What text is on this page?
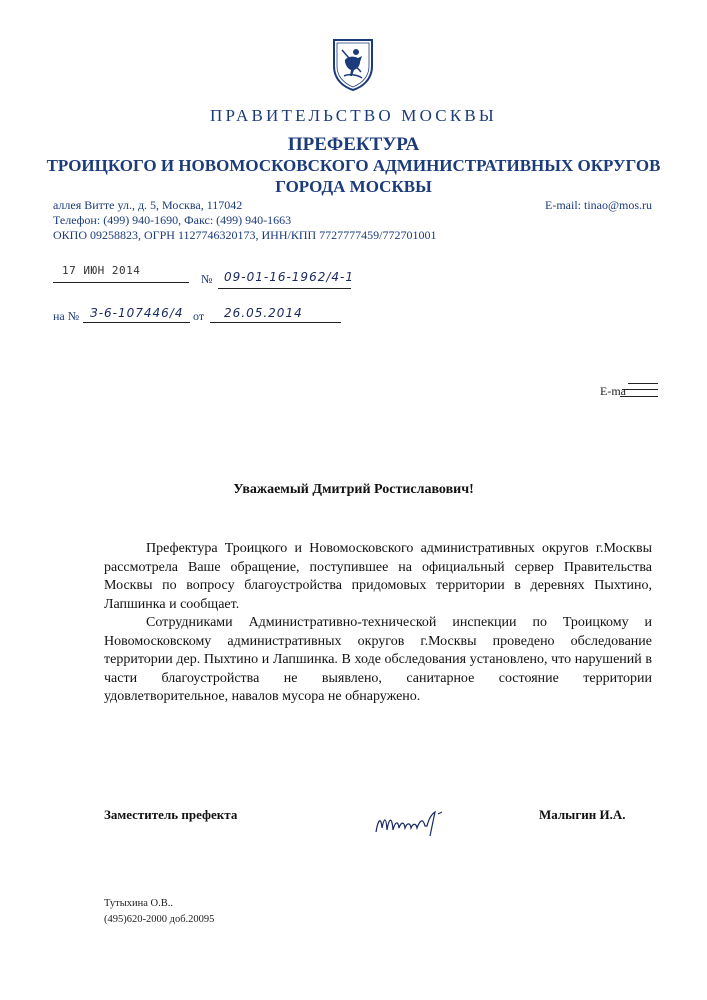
ПРАВИТЕЛЬСТВО МОСКВЫ
ПРЕФЕКТУРА
ТРОИЦКОГО И НОВОМОСКОВСКОГО АДМИНИСТРАТИВНЫХ ОКРУГОВ
ГОРОДА МОСКВЫ
аллея Витте ул., д. 5, Москва, 117042
Телефон: (499) 940-1690, Факс: (499) 940-1663
ОКПО 09258823, ОГРН 1127746320173, ИНН/КПП 7727777459/772701001
E-mail: tinao@mos.ru
17 ИЮН 2014
№ 09-01-16-1962/4-1
на № З-6-107446/4 от 26.05.2014
E-ma
Уважаемый Дмитрий Ростиславович!

Префектура Троицкого и Новомосковского административных округов г.Москвы рассмотрела Ваше обращение, поступившее на официальный сервер Правительства Москвы по вопросу благоустройства придомовых территории в деревнях Пыхтино, Лапшинка и сообщает.

Сотрудниками Административно-технической инспекции по Троицкому и Новомосковскому административных округов г.Москвы проведено обследование территории дер. Пыхтино и Лапшинка. В ходе обследования установлено, что нарушений в части благоустройства не выявлено, санитарное состояние территории удовлетворительное, навалов мусора не обнаружено.

Заместитель префекта	Малыгин И.А.
Тутыхина О.В..
(495)620-2000 доб.20095
